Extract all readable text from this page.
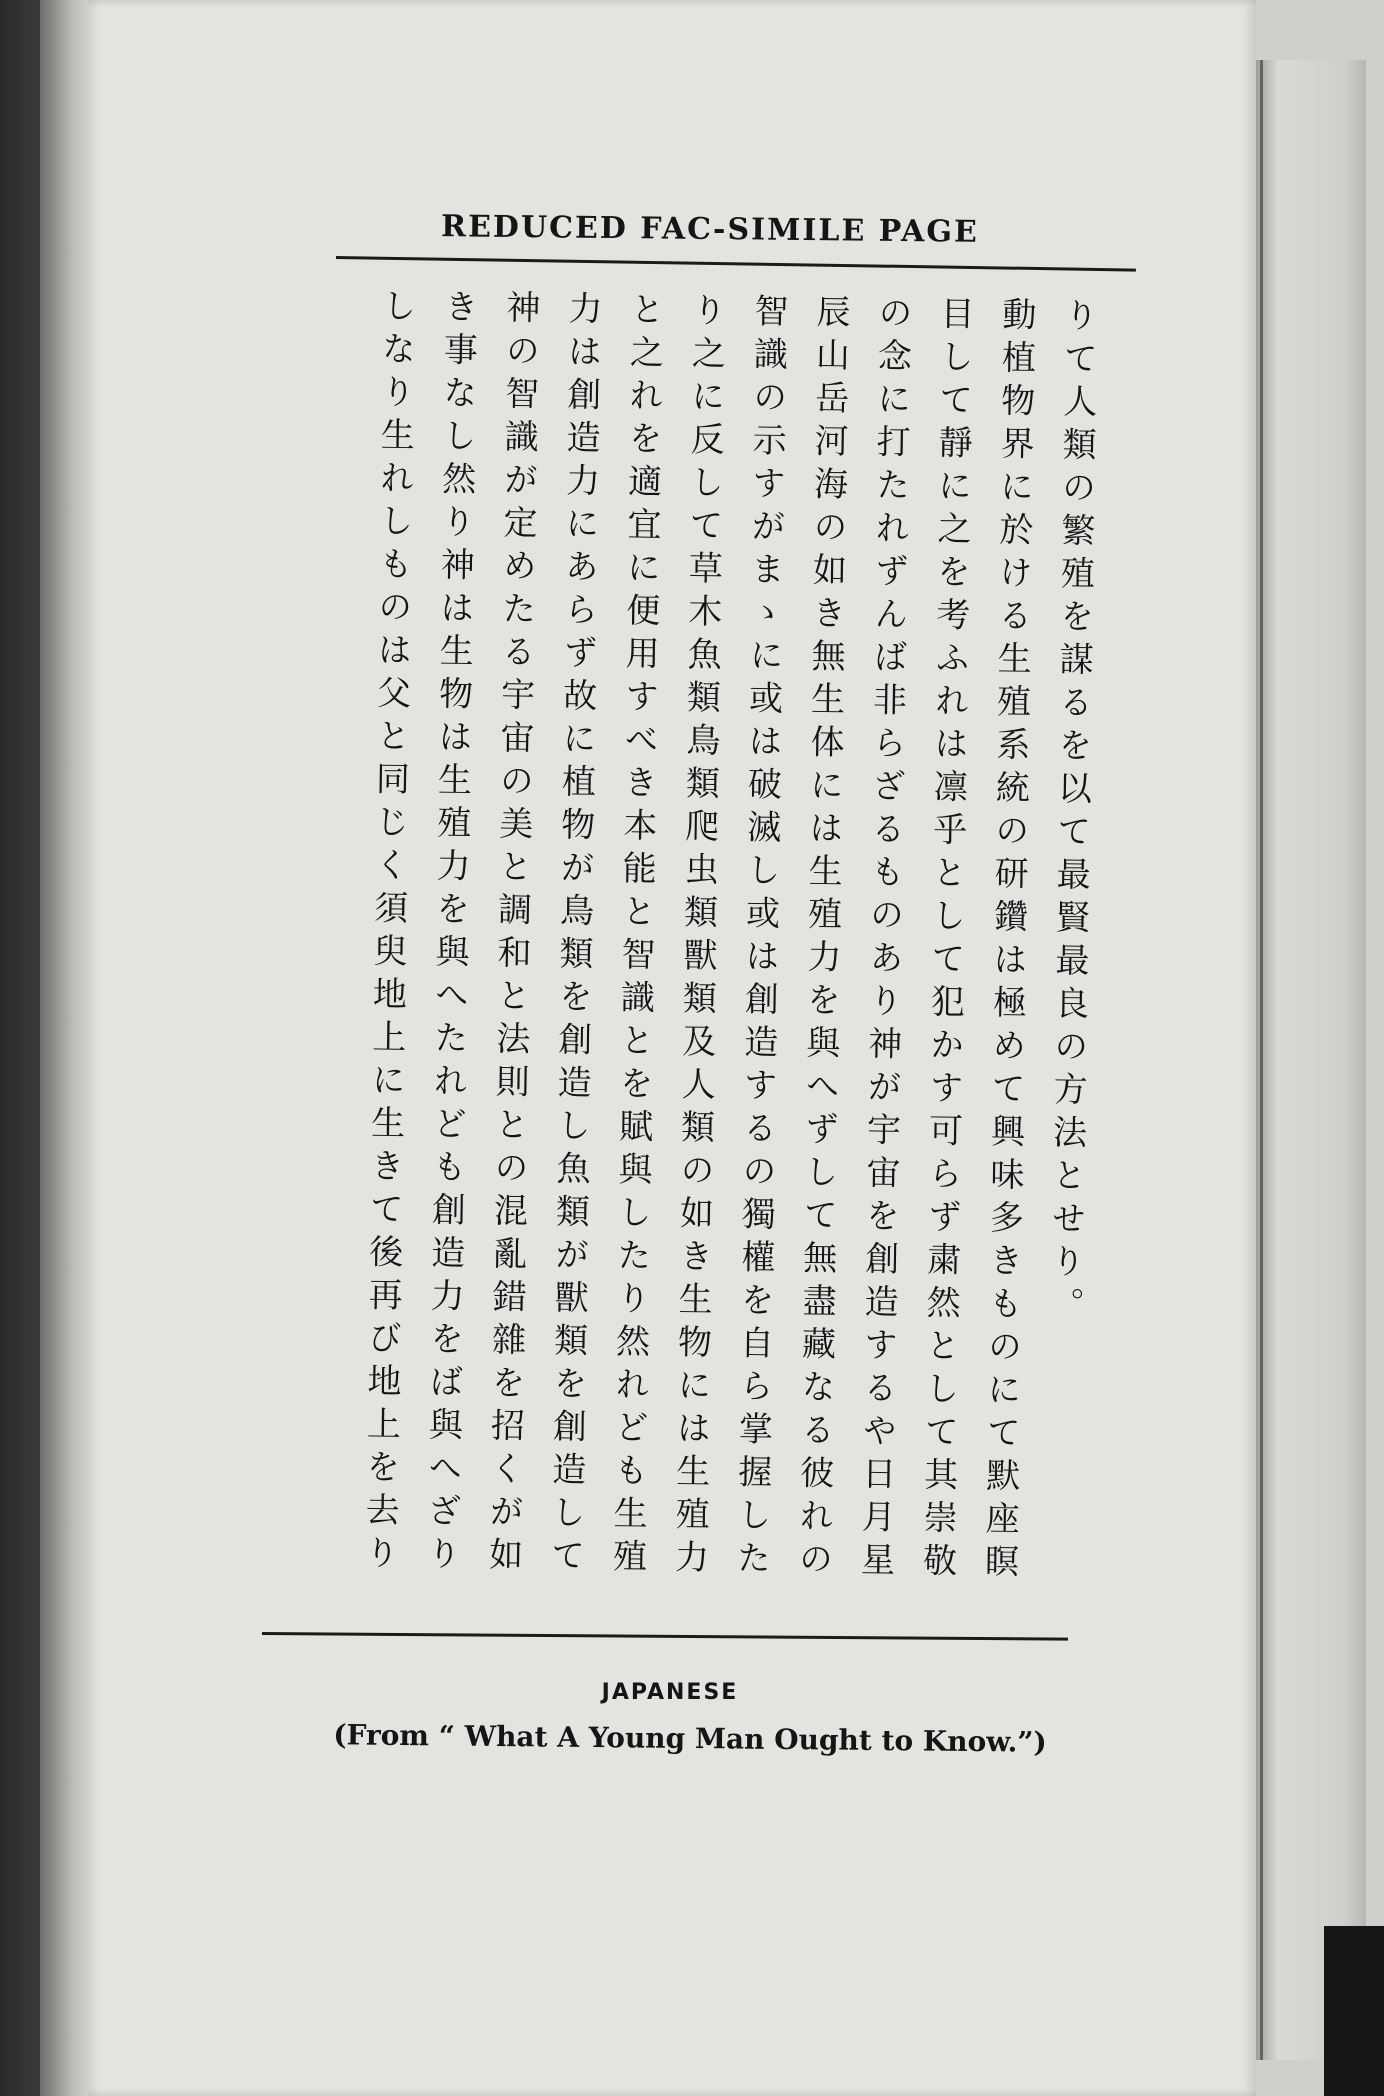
REDUCED FAC-SIMILE PAGE
りて人類の繁殖を謀るを以て最賢最良の方法とせり。
動植物界に於ける生殖系統の研鑽は極めて興味多きものにて默座瞑
目して靜に之を考ふれは凛乎として犯かす可らず粛然として其崇敬
の念に打たれずんば非らざるものあり神が宇宙を創造するや日月星
辰山岳河海の如き無生体には生殖力を與へずして無盡藏なる彼れの
智識の示すがまゝに或は破滅し或は創造するの獨權を自ら掌握した
り之に反して草木魚類鳥類爬虫類獸類及人類の如き生物には生殖力
と之れを適宜に便用すべき本能と智識とを賦與したり然れども生殖
力は創造力にあらず故に植物が鳥類を創造し魚類が獸類を創造して
神の智識が定めたる宇宙の美と調和と法則との混亂錯雜を招くが如
き事なし然り神は生物は生殖力を與へたれども創造力をば與へざり
しなり生れしものは父と同じく須臾地上に生きて後再び地上を去り
JAPANESE
(From “ What A Young Man Ought to Know.”)
